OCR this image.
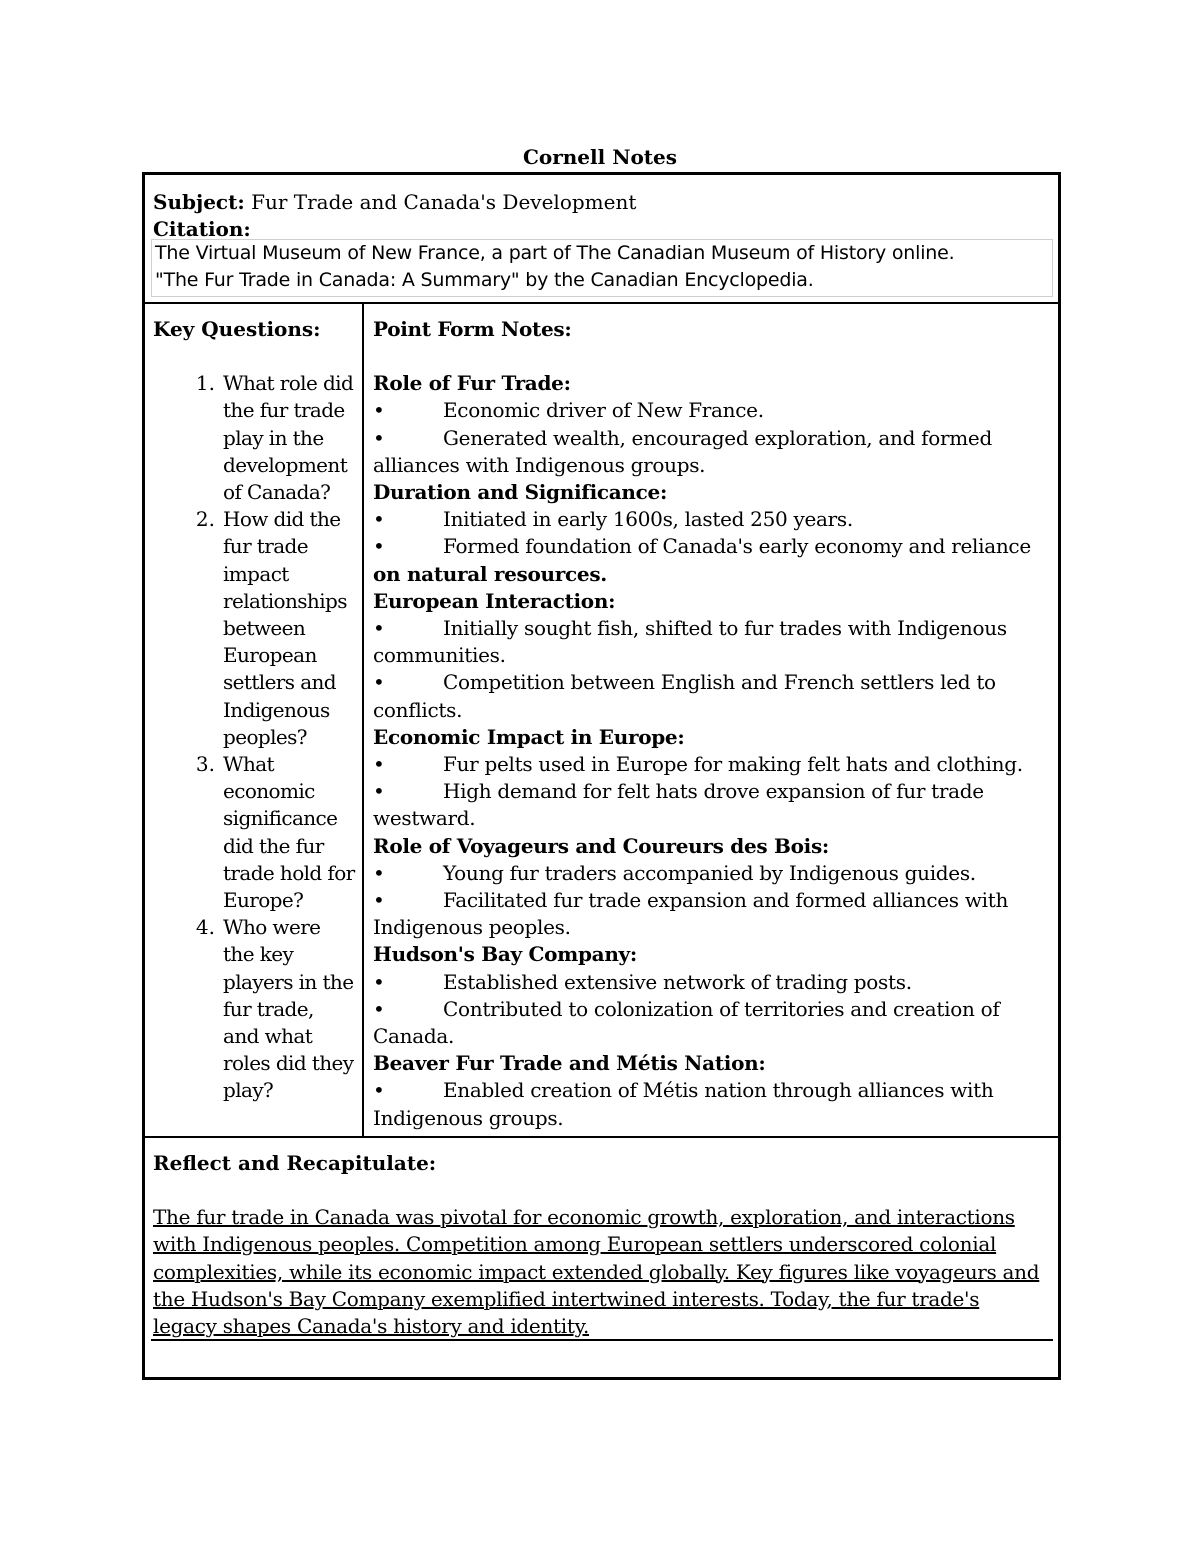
Cornell Notes
Subject: Fur Trade and Canada's Development
Citation:
The Virtual Museum of New France, a part of The Canadian Museum of History online.
"The Fur Trade in Canada: A Summary" by the Canadian Encyclopedia.
Key Questions:
1. What role did the fur trade play in the development of Canada?
2. How did the fur trade impact relationships between European settlers and Indigenous peoples?
3. What economic significance did the fur trade hold for Europe?
4. Who were the key players in the fur trade, and what roles did they play?
Point Form Notes:
Role of Fur Trade:
•	Economic driver of New France.
•	Generated wealth, encouraged exploration, and formed alliances with Indigenous groups.
Duration and Significance:
•	Initiated in early 1600s, lasted 250 years.
•	Formed foundation of Canada's early economy and reliance on natural resources.
European Interaction:
•	Initially sought fish, shifted to fur trades with Indigenous communities.
•	Competition between English and French settlers led to conflicts.
Economic Impact in Europe:
•	Fur pelts used in Europe for making felt hats and clothing.
•	High demand for felt hats drove expansion of fur trade westward.
Role of Voyageurs and Coureurs des Bois:
•	Young fur traders accompanied by Indigenous guides.
•	Facilitated fur trade expansion and formed alliances with Indigenous peoples.
Hudson's Bay Company:
•	Established extensive network of trading posts.
•	Contributed to colonization of territories and creation of Canada.
Beaver Fur Trade and Métis Nation:
•	Enabled creation of Métis nation through alliances with Indigenous groups.
Reflect and Recapitulate:
The fur trade in Canada was pivotal for economic growth, exploration, and interactions with Indigenous peoples. Competition among European settlers underscored colonial complexities, while its economic impact extended globally. Key figures like voyageurs and the Hudson's Bay Company exemplified intertwined interests. Today, the fur trade's legacy shapes Canada's history and identity.
